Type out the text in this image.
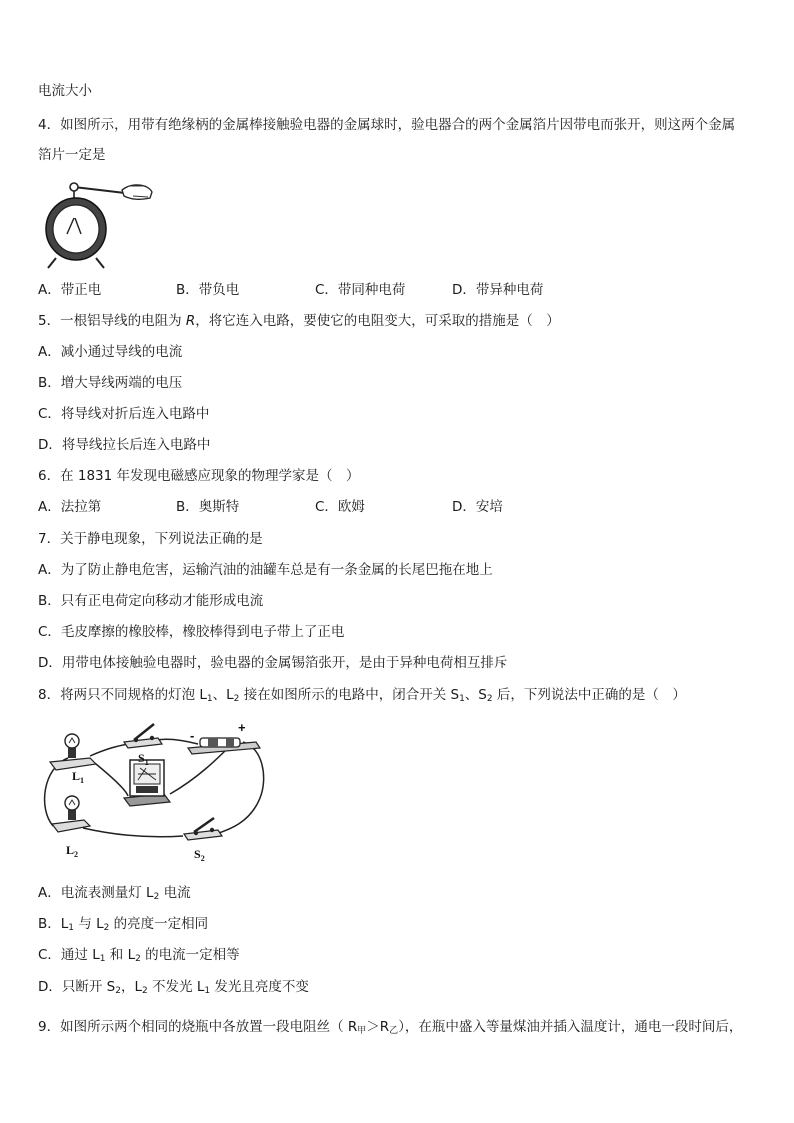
电流大小
4．如图所示，用带有绝缘柄的金属棒接触验电器的金属球时，验电器合的两个金属箔片因带电而张开，则这两个金属
箔片一定是
A．带正电	B．带负电	C．带同种电荷	D．带异种电荷
5．一根铝导线的电阻为 R，将它连入电路，要使它的电阻变大，可采取的措施是（　）
A．减小通过导线的电流
B．增大导线两端的电压
C．将导线对折后连入电路中
D．将导线拉长后连入电路中
6．在 1831 年发现电磁感应现象的物理学家是（　）
A．法拉第	B．奥斯特	C．欧姆	D．安培
7．关于静电现象，下列说法正确的是
A．为了防止静电危害，运输汽油的油罐车总是有一条金属的长尾巴拖在地上
B．只有正电荷定向移动才能形成电流
C．毛皮摩擦的橡胶棒，橡胶棒得到电子带上了正电
D．用带电体接触验电器时，验电器的金属锡箔张开，是由于异种电荷相互排斥
8．将两只不同规格的灯泡 $L_1$、$L_2$ 接在如图所示的电路中，闭合开关 $S_1$、$S_2$ 后，下列说法中正确的是（　）
$L_1$
$L_2$
$S_1$
$S_2$
-
+
A．电流表测量灯 $L_2$ 电流
B．$L_1$ 与 $L_2$ 的亮度一定相同
C．通过 $L_1$ 和 $L_2$ 的电流一定相等
D．只断开 $S_2$，$L_2$ 不发光 $L_1$ 发光且亮度不变
9．如图所示两个相同的烧瓶中各放置一段电阻丝（ $R_甲>R_乙$），在瓶中盛入等量煤油并插入温度计，通电一段时间后，
